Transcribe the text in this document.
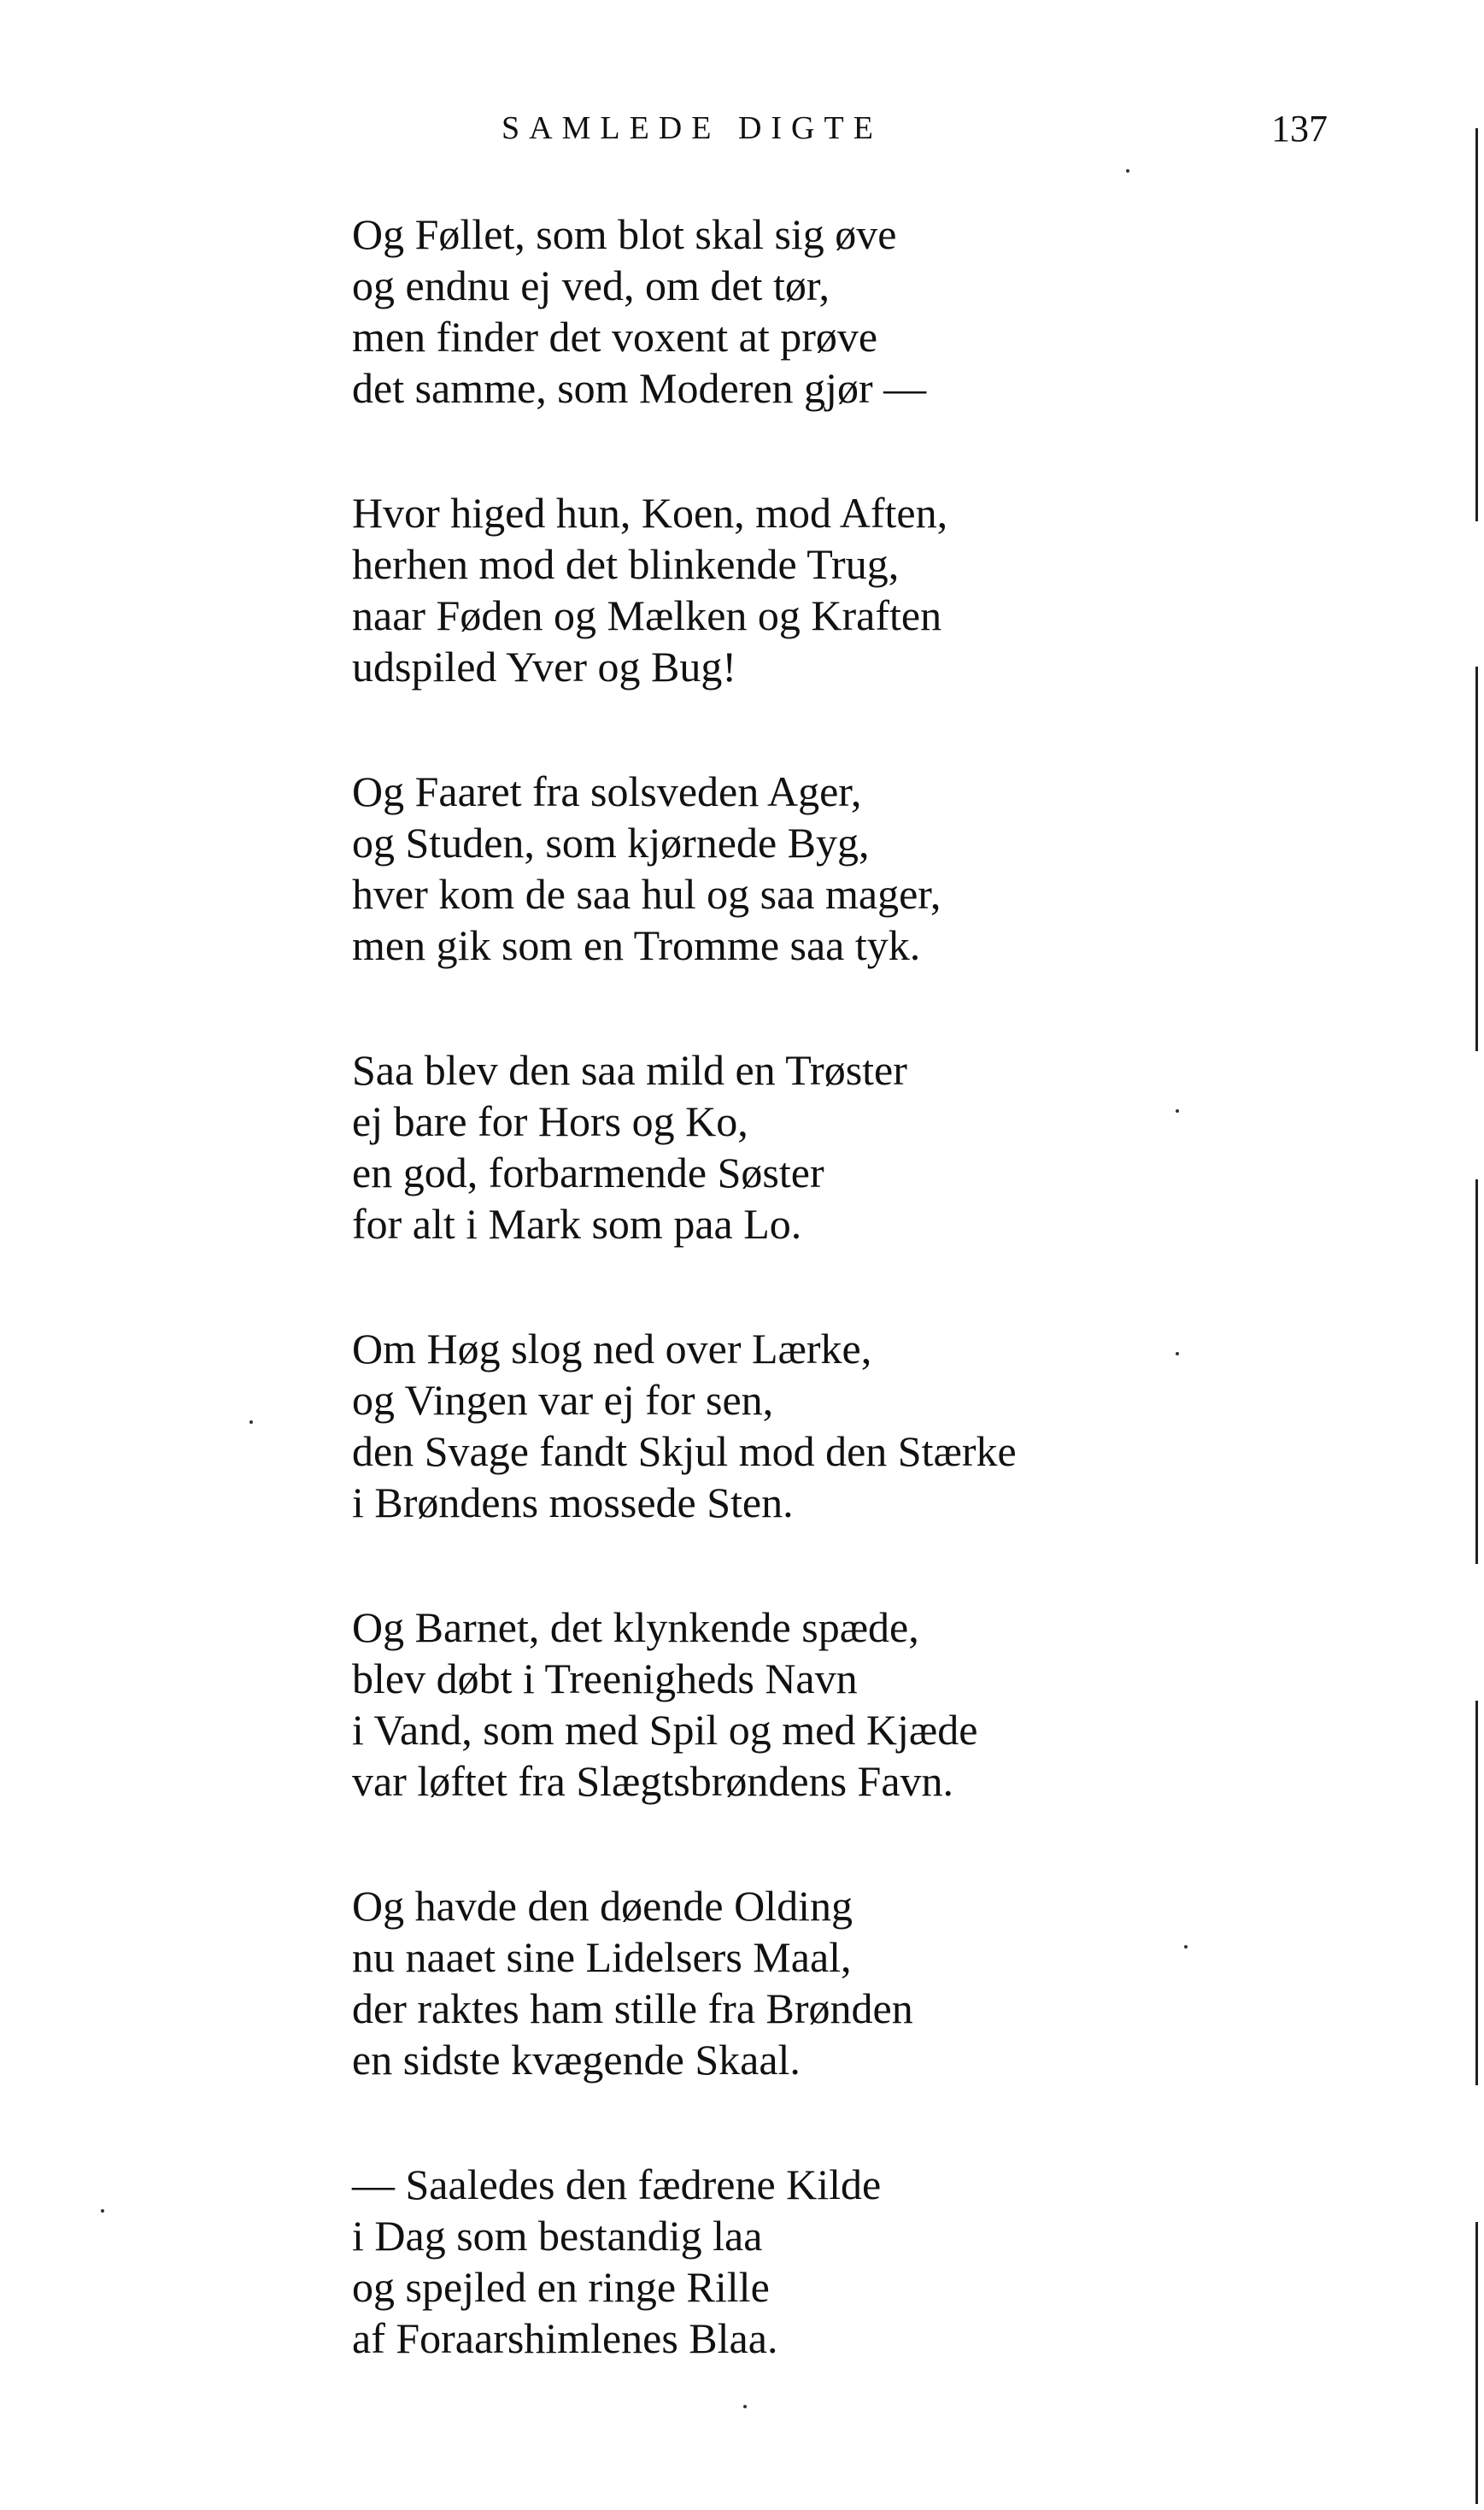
SAMLEDE DIGTE	137
Og Føllet, som blot skal sig øve
og endnu ej ved, om det tør,
men finder det voxent at prøve
det samme, som Moderen gjør —
Hvor higed hun, Koen, mod Aften,
herhen mod det blinkende Trug,
naar Føden og Mælken og Kraften
udspiled Yver og Bug!
Og Faaret fra solsveden Ager,
og Studen, som kjørnede Byg,
hver kom de saa hul og saa mager,
men gik som en Tromme saa tyk.
Saa blev den saa mild en Trøster
ej bare for Hors og Ko,
en god, forbarmende Søster
for alt i Mark som paa Lo.
Om Høg slog ned over Lærke,
og Vingen var ej for sen,
den Svage fandt Skjul mod den Stærke
i Brøndens mossede Sten.
Og Barnet, det klynkende spæde,
blev døbt i Treenigheds Navn
i Vand, som med Spil og med Kjæde
var løftet fra Slægtsbrøndens Favn.
Og havde den døende Olding
nu naaet sine Lidelsers Maal,
der raktes ham stille fra Brønden
en sidste kvægende Skaal.
— Saaledes den fædrene Kilde
i Dag som bestandig laa
og spejled en ringe Rille
af Foraarshimlenes Blaa.
